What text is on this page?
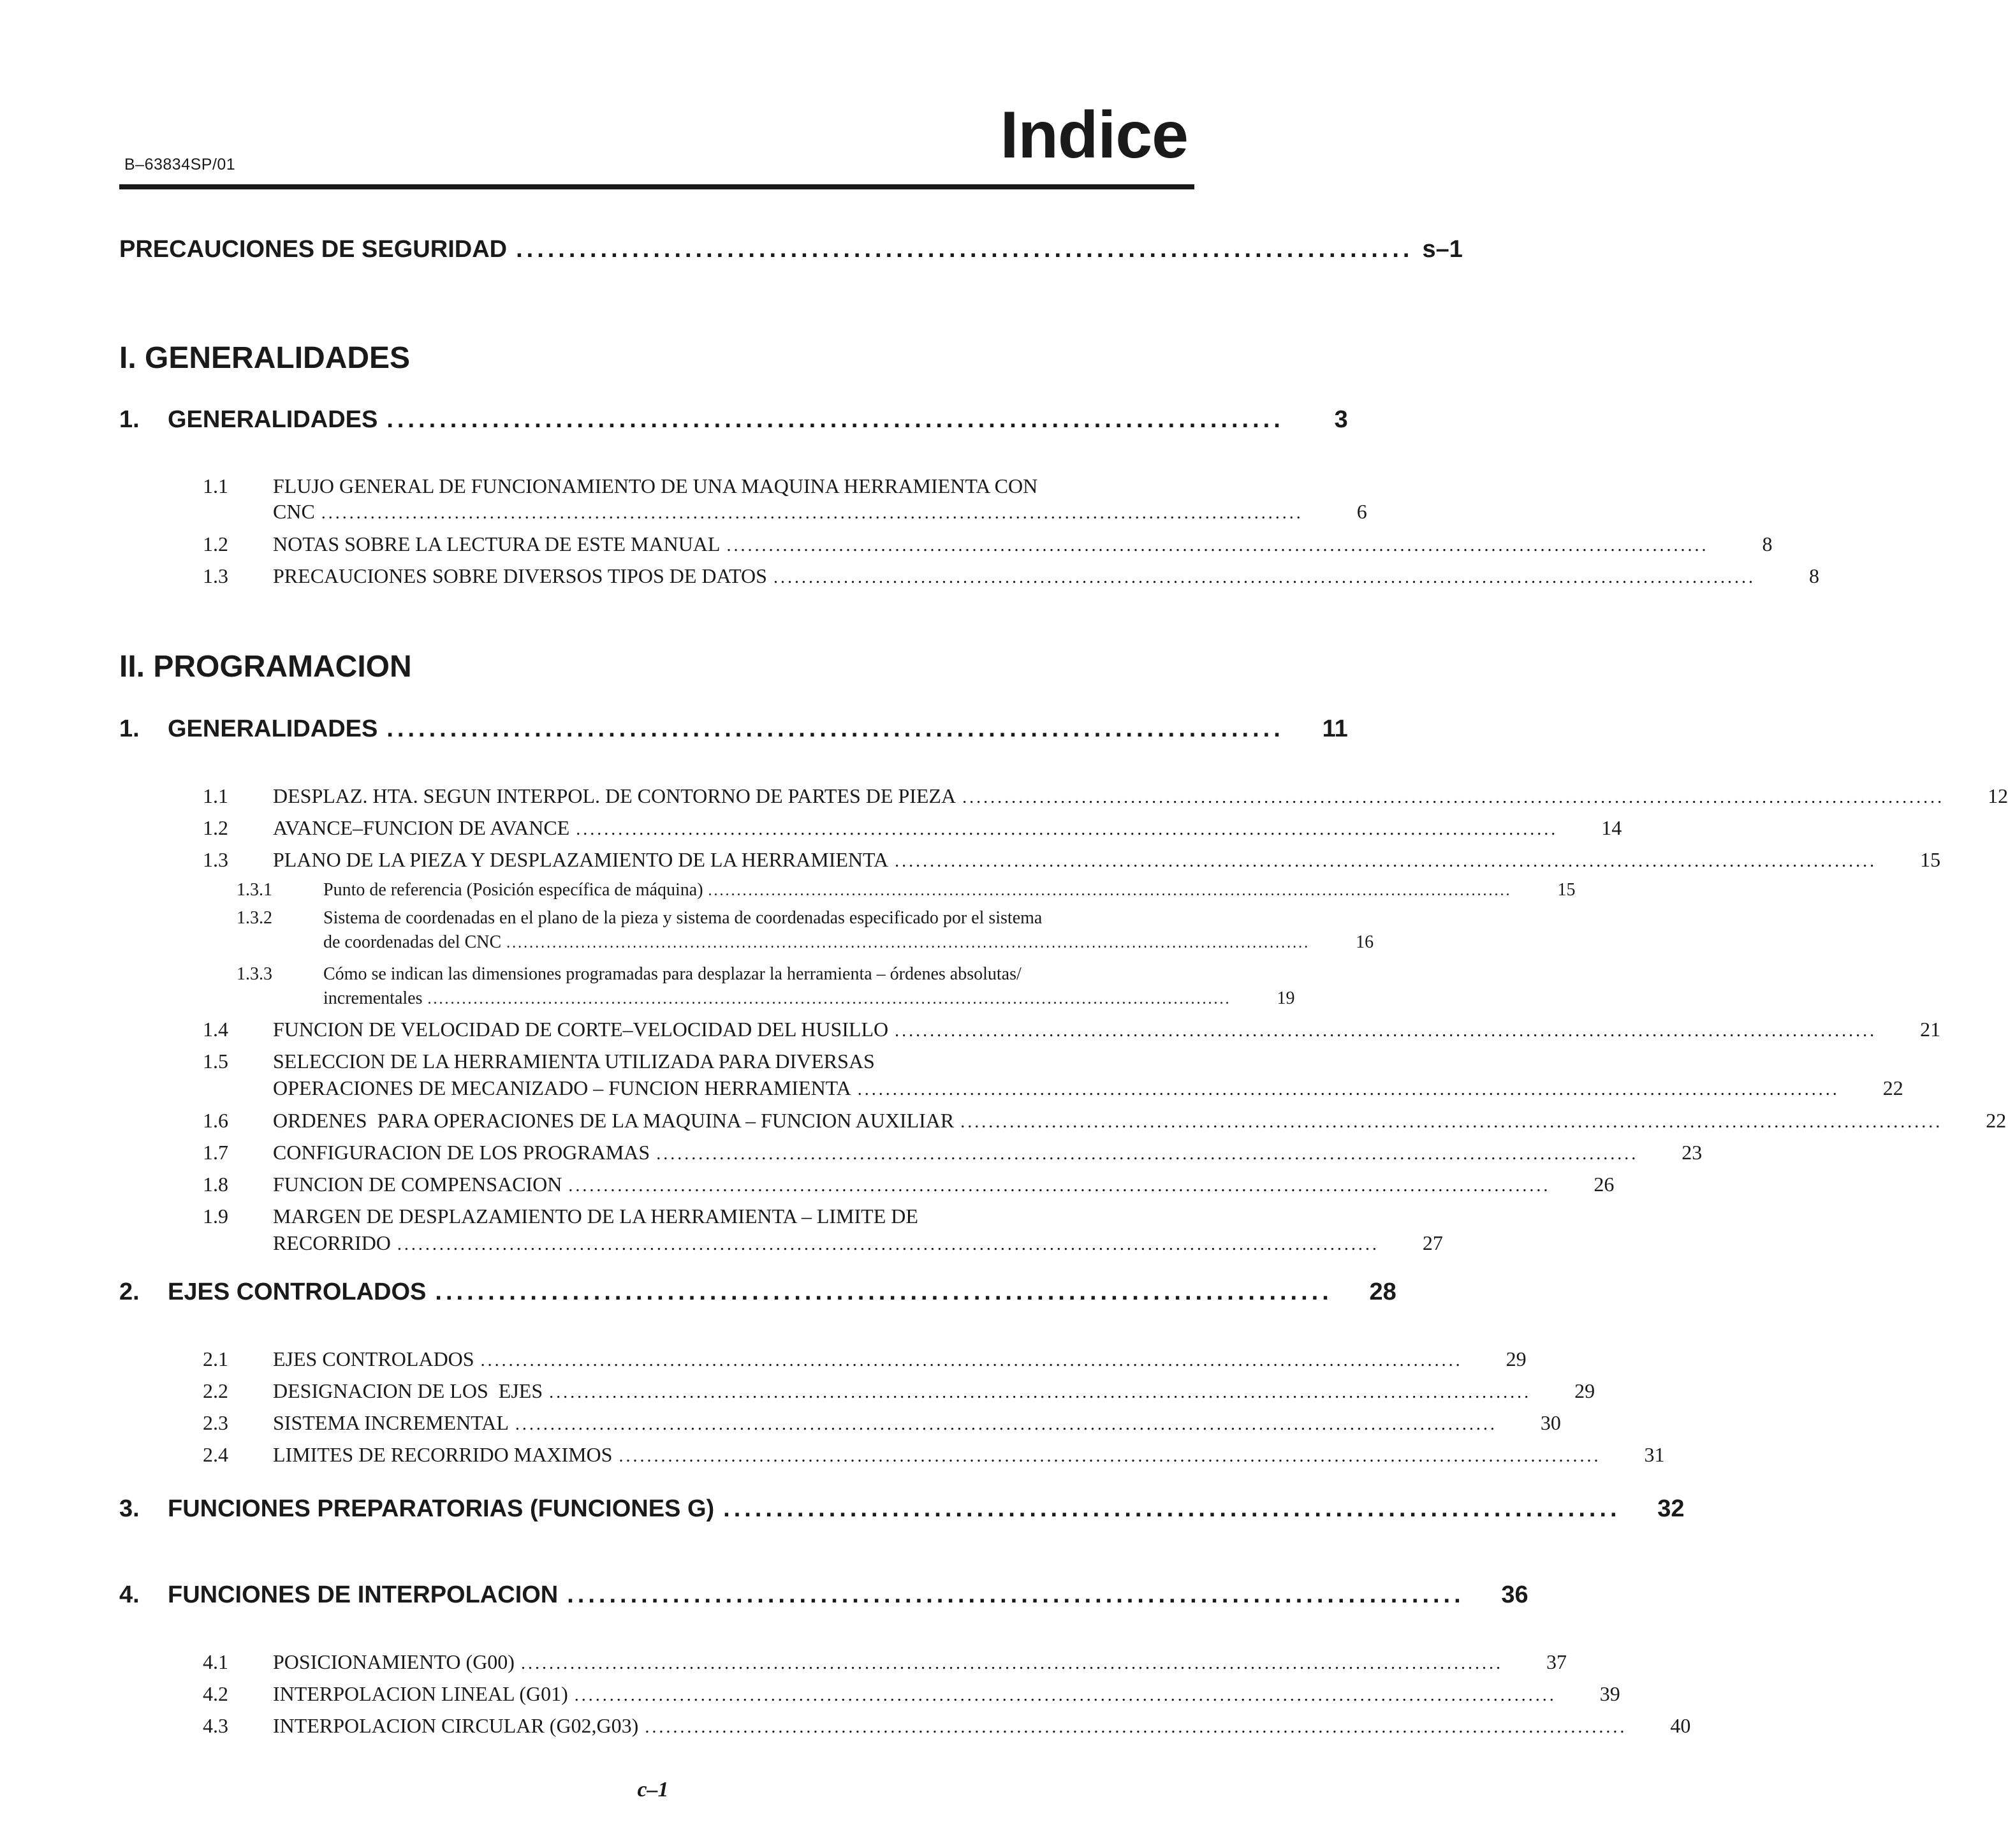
B–63834SP/01	Indice
PRECAUCIONES DE SEGURIDAD ..................................................................................... s–1
I. GENERALIDADES
1.	GENERALIDADES .....................................................................................	3
1.1 FLUJO GENERAL DE FUNCIONAMIENTO DE UNA MAQUINA HERRAMIENTA CON
CNC ............................................................................................................................................	6
1.2	NOTAS SOBRE LA LECTURA DE ESTE MANUAL ............................................................................................................................................	8
1.3	PRECAUCIONES SOBRE DIVERSOS TIPOS DE DATOS ............................................................................................................................................	8
II. PROGRAMACION
1.	GENERALIDADES .....................................................................................	11
1.1	DESPLAZ. HTA. SEGUN INTERPOL. DE CONTORNO DE PARTES DE PIEZA ............................................................................................................................................	12
1.2	AVANCE–FUNCION DE AVANCE ............................................................................................................................................	14
1.3	PLANO DE LA PIEZA Y DESPLAZAMIENTO DE LA HERRAMIENTA ............................................................................................................................................	15
1.3.1	Punto de referencia (Posición específica de máquina) ............................................................................................................................................	15
1.3.2	Sistema de coordenadas en el plano de la pieza y sistema de coordenadas especificado por el sistema
de coordenadas del CNC ............................................................................................................................................	16
1.3.3	Cómo se indican las dimensiones programadas para desplazar la herramienta – órdenes absolutas/
incrementales ............................................................................................................................................	19
1.4	FUNCION DE VELOCIDAD DE CORTE–VELOCIDAD DEL HUSILLO ............................................................................................................................................	21
1.5 SELECCION DE LA HERRAMIENTA UTILIZADA PARA DIVERSAS
OPERACIONES DE MECANIZADO – FUNCION HERRAMIENTA ............................................................................................................................................	22
1.6	ORDENES  PARA OPERACIONES DE LA MAQUINA – FUNCION AUXILIAR ............................................................................................................................................	22
1.7	CONFIGURACION DE LOS PROGRAMAS ............................................................................................................................................	23
1.8	FUNCION DE COMPENSACION ............................................................................................................................................	26
1.9 MARGEN DE DESPLAZAMIENTO DE LA HERRAMIENTA – LIMITE DE
RECORRIDO ............................................................................................................................................	27
2.	EJES CONTROLADOS .....................................................................................	28
2.1	EJES CONTROLADOS ............................................................................................................................................	29
2.2	DESIGNACION DE LOS  EJES ............................................................................................................................................	29
2.3	SISTEMA INCREMENTAL ............................................................................................................................................	30
2.4	LIMITES DE RECORRIDO MAXIMOS ............................................................................................................................................	31
3.	FUNCIONES PREPARATORIAS (FUNCIONES G) .....................................................................................	32
4.	FUNCIONES DE INTERPOLACION .....................................................................................	36
4.1	POSICIONAMIENTO (G00) ............................................................................................................................................	37
4.2	INTERPOLACION LINEAL (G01) ............................................................................................................................................	39
4.3	INTERPOLACION CIRCULAR (G02,G03) ............................................................................................................................................	40
c–1
